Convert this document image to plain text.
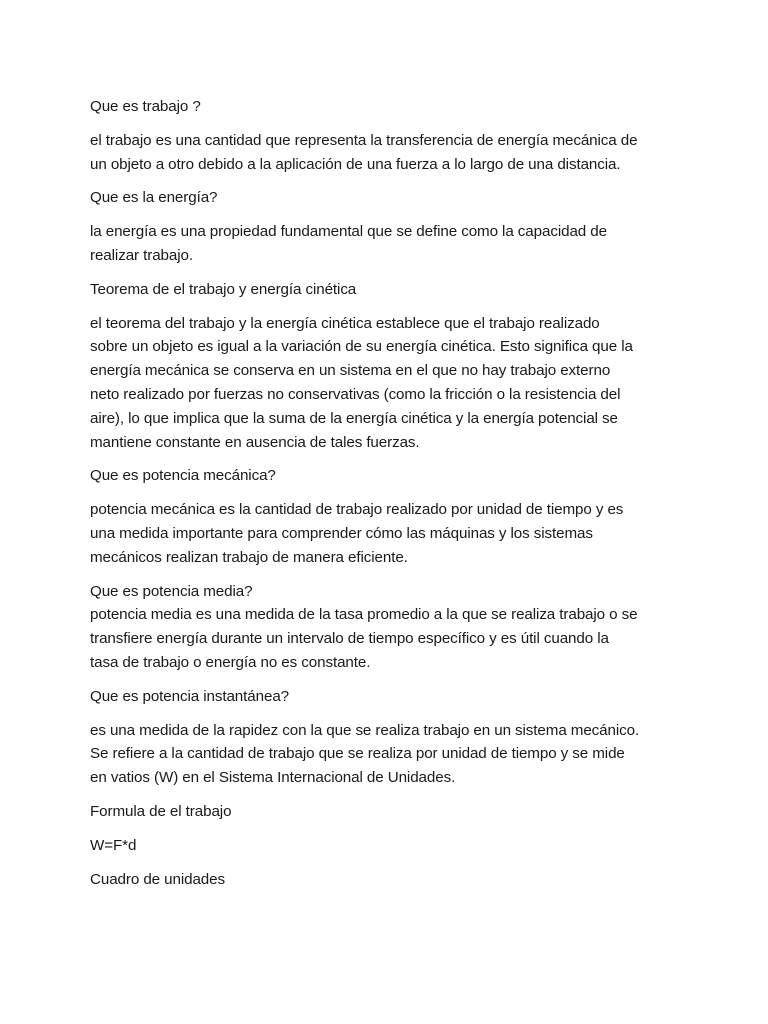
Que es trabajo ?

el trabajo es una cantidad que representa la transferencia de energía mecánica de
un objeto a otro debido a la aplicación de una fuerza a lo largo de una distancia.

Que es la energía?

la energía es una propiedad fundamental que se define como la capacidad de
realizar trabajo.

Teorema de el trabajo y energía cinética

el teorema del trabajo y la energía cinética establece que el trabajo realizado
sobre un objeto es igual a la variación de su energía cinética. Esto significa que la
energía mecánica se conserva en un sistema en el que no hay trabajo externo
neto realizado por fuerzas no conservativas (como la fricción o la resistencia del
aire), lo que implica que la suma de la energía cinética y la energía potencial se
mantiene constante en ausencia de tales fuerzas.

Que es potencia mecánica?

potencia mecánica es la cantidad de trabajo realizado por unidad de tiempo y es
una medida importante para comprender cómo las máquinas y los sistemas
mecánicos realizan trabajo de manera eficiente.

Que es potencia media?

potencia media es una medida de la tasa promedio a la que se realiza trabajo o se
transfiere energía durante un intervalo de tiempo específico y es útil cuando la
tasa de trabajo o energía no es constante.

Que es potencia instantánea?

es una medida de la rapidez con la que se realiza trabajo en un sistema mecánico.
Se refiere a la cantidad de trabajo que se realiza por unidad de tiempo y se mide
en vatios (W) en el Sistema Internacional de Unidades.

Formula de el trabajo

W=F*d

Cuadro de unidades
